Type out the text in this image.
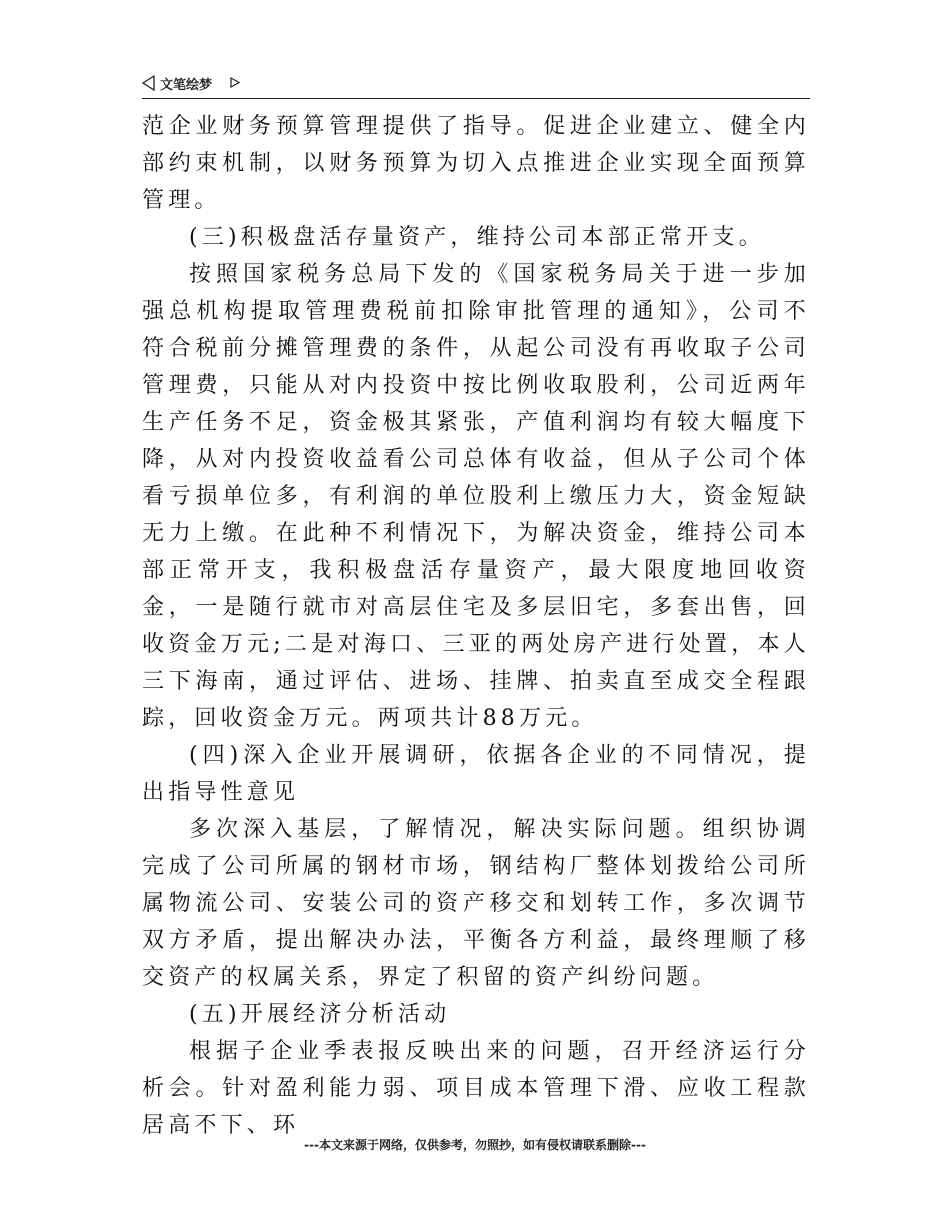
文笔绘梦

范企业财务预算管理提供了指导。促进企业建立、健全内部约束机制，以财务预算为切入点推进企业实现全面预算管理。

(三)积极盘活存量资产，维持公司本部正常开支。

按照国家税务总局下发的《国家税务局关于进一步加强总机构提取管理费税前扣除审批管理的通知》，公司不符合税前分摊管理费的条件，从起公司没有再收取子公司管理费，只能从对内投资中按比例收取股利，公司近两年生产任务不足，资金极其紧张，产值利润均有较大幅度下降，从对内投资收益看公司总体有收益，但从子公司个体看亏损单位多，有利润的单位股利上缴压力大，资金短缺无力上缴。在此种不利情况下，为解决资金，维持公司本部正常开支，我积极盘活存量资产，最大限度地回收资金，一是随行就市对高层住宅及多层旧宅，多套出售，回收资金万元;二是对海口、三亚的两处房产进行处置，本人三下海南，通过评估、进场、挂牌、拍卖直至成交全程跟踪，回收资金万元。两项共计88万元。

(四)深入企业开展调研，依据各企业的不同情况，提出指导性意见

多次深入基层，了解情况，解决实际问题。组织协调完成了公司所属的钢材市场，钢结构厂整体划拨给公司所属物流公司、安装公司的资产移交和划转工作，多次调节双方矛盾，提出解决办法，平衡各方利益，最终理顺了移交资产的权属关系，界定了积留的资产纠纷问题。

(五)开展经济分析活动

根据子企业季表报反映出来的问题，召开经济运行分析会。针对盈利能力弱、项目成本管理下滑、应收工程款居高不下、环

---本文来源于网络，仅供参考，勿照抄，如有侵权请联系删除---
